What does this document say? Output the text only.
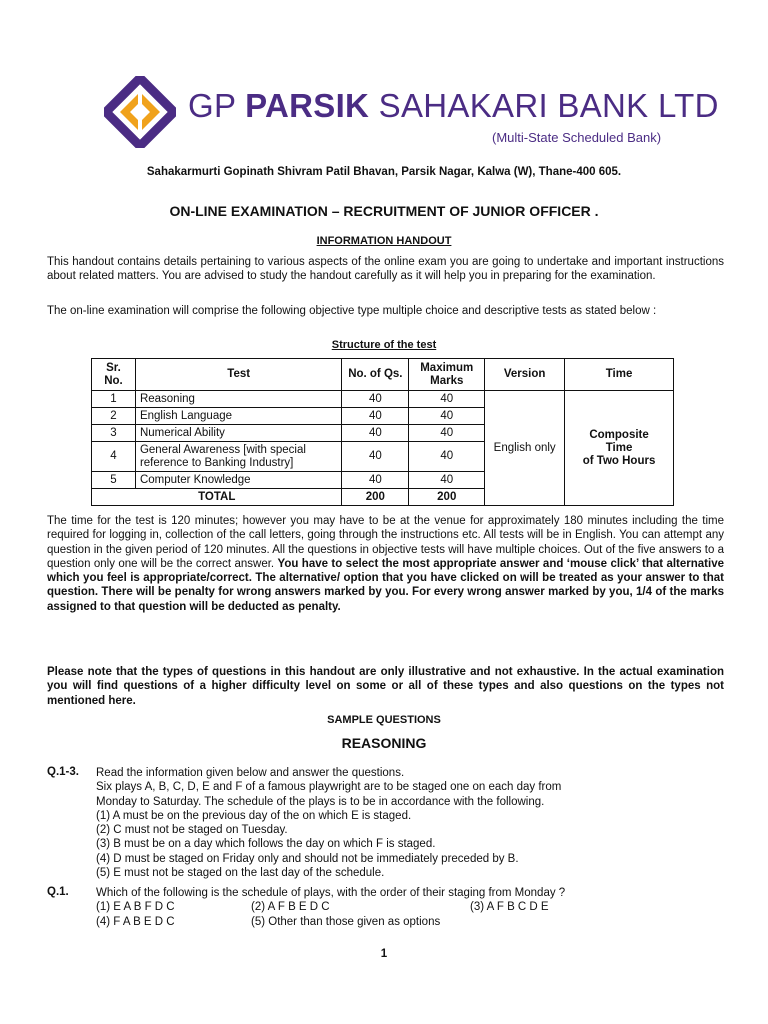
GP PARSIK SAHAKARI BANK LTD
(Multi-State Scheduled Bank)
Sahakarmurti Gopinath Shivram Patil Bhavan, Parsik Nagar, Kalwa (W), Thane-400 605.
ON-LINE EXAMINATION – RECRUITMENT OF JUNIOR OFFICER .
INFORMATION HANDOUT

This handout contains details pertaining to various aspects of the online exam you are going to undertake and important instructions about related matters. You are advised to study the handout carefully as it will help you in preparing for the examination.

The on-line examination will comprise the following objective type multiple choice and descriptive tests as stated below :

Structure of the test
Sr. No.	Test	No. of Qs.	Maximum Marks	Version	Time
1	Reasoning	40	40	English only	Composite
Time
of Two Hours
2	English Language	40	40		
3	Numerical Ability	40	40		
4	General Awareness [with special reference to Banking Industry]	40	40		
5	Computer Knowledge	40	40		
TOTAL		200	200		

The time for the test is 120 minutes; however you may have to be at the venue for approximately 180 minutes including the time required for logging in, collection of the call letters, going through the instructions etc. All tests will be in English. You can attempt any question in the given period of 120 minutes. All the questions in objective tests will have multiple choices. Out of the five answers to a question only one will be the correct answer. You have to select the most appropriate answer and ‘mouse click’ that alternative which you feel is appropriate/correct. The alternative/ option that you have clicked on will be treated as your answer to that question. There will be penalty for wrong answers marked by you. For every wrong answer marked by you, 1/4 of the marks assigned to that question will be deducted as penalty.

Please note that the types of questions in this handout are only illustrative and not exhaustive. In the actual examination you will find questions of a higher difficulty level on some or all of these types and also questions on the types not mentioned here.

SAMPLE QUESTIONS
REASONING
Q.1-3. Read the information given below and answer the questions.
Six plays A, B, C, D, E and F of a famous playwright are to be staged one on each day from
Monday to Saturday. The schedule of the plays is to be in accordance with the following.
(1) A must be on the previous day of the on which E is staged.
(2) C must not be staged on Tuesday.
(3) B must be on a day which follows the day on which F is staged.
(4) D must be staged on Friday only and should not be immediately preceded by B.
(5) E must not be staged on the last day of the schedule.
Q.1. Which of the following is the schedule of plays, with the order of their staging from Monday ?
(1) E A B F D C	(2) A F B E D C	(3) A F B C D E
(4) F A B E D C	(5) Other than those given as options
1
